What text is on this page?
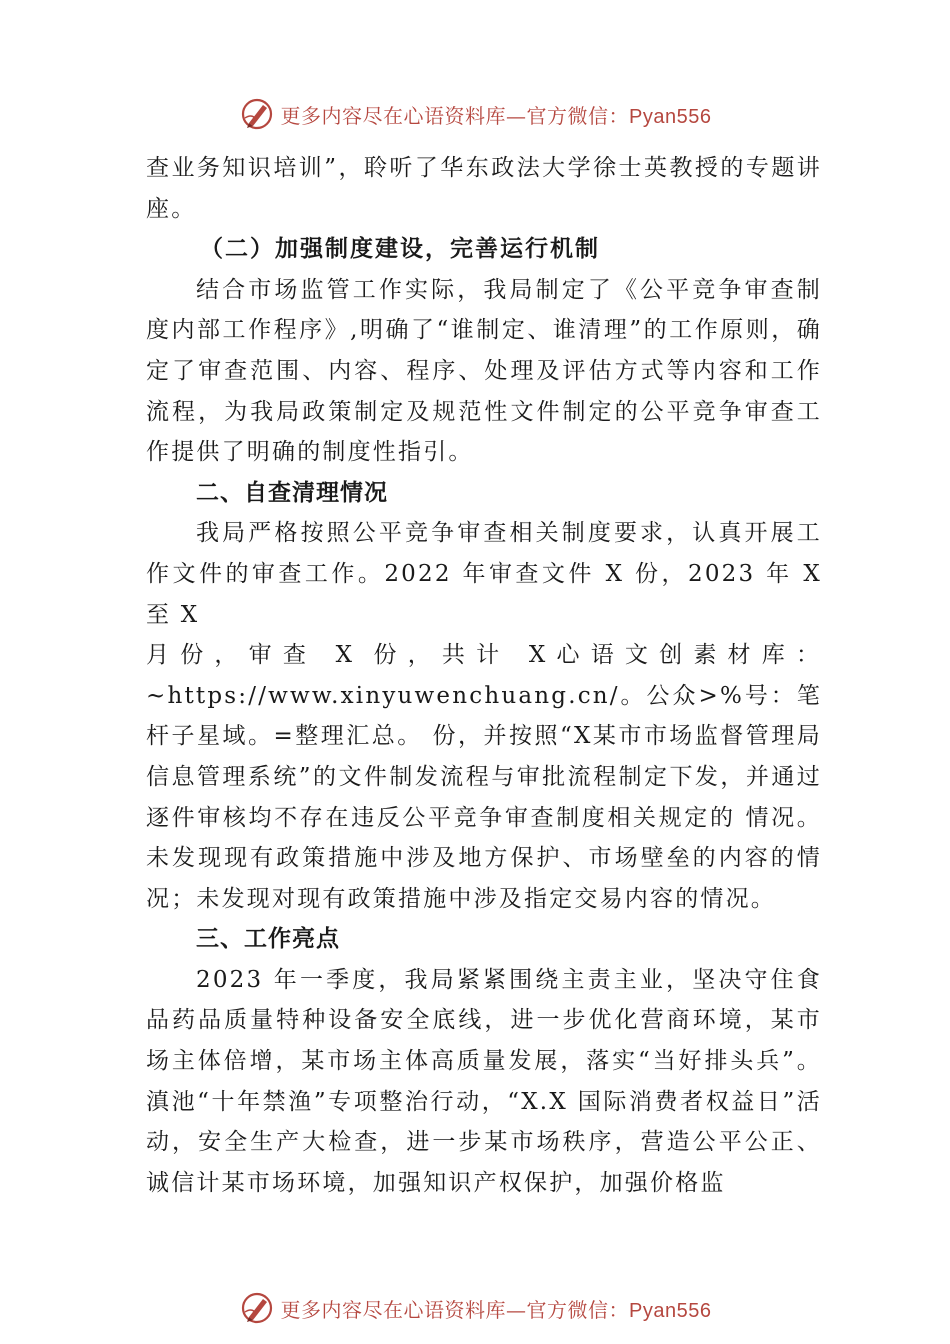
更多内容尽在心语资料库—官方微信：Pyan556

查业务知识培训”，聆听了华东政法大学徐士英教授的专题讲座。

（二）加强制度建设，完善运行机制

结合市场监管工作实际，我局制定了《公平竞争审查制度内部工作程序》,明确了“谁制定、谁清理”的工作原则，确定了审查范围、内容、程序、处理及评估方式等内容和工作流程，为我局政策制定及规范性文件制定的公平竞争审查工作提供了明确的制度性指引。

二、自查清理情况

我局严格按照公平竞争审查相关制度要求，认真开展工作文件的审查工作。2022 年审查文件 X 份，2023 年 X 至 X

月份，审查 X 份，共计 X心语文创素材库：

~https://www.xinyuwenchuang.cn/。公众>%号：笔杆子星域。=整理汇总。 份，并按照“X某市市场监督管理局信息管理系统”的文件制发流程与审批流程制定下发，并通过逐件审核均不存在违反公平竞争审查制度相关规定的 情况。未发现现有政策措施中涉及地方保护、市场壁垒的内容的情况；未发现对现有政策措施中涉及指定交易内容的情况。

三、工作亮点

2023 年一季度，我局紧紧围绕主责主业，坚决守住食品药品质量特种设备安全底线，进一步优化营商环境，某市场主体倍增，某市场主体高质量发展，落实“当好排头兵”。滇池“十年禁渔”专项整治行动，“X.X 国际消费者权益日”活动，安全生产大检查，进一步某市场秩序，营造公平公正、诚信计某市场环境，加强知识产权保护，加强价格监

更多内容尽在心语资料库—官方微信：Pyan556
